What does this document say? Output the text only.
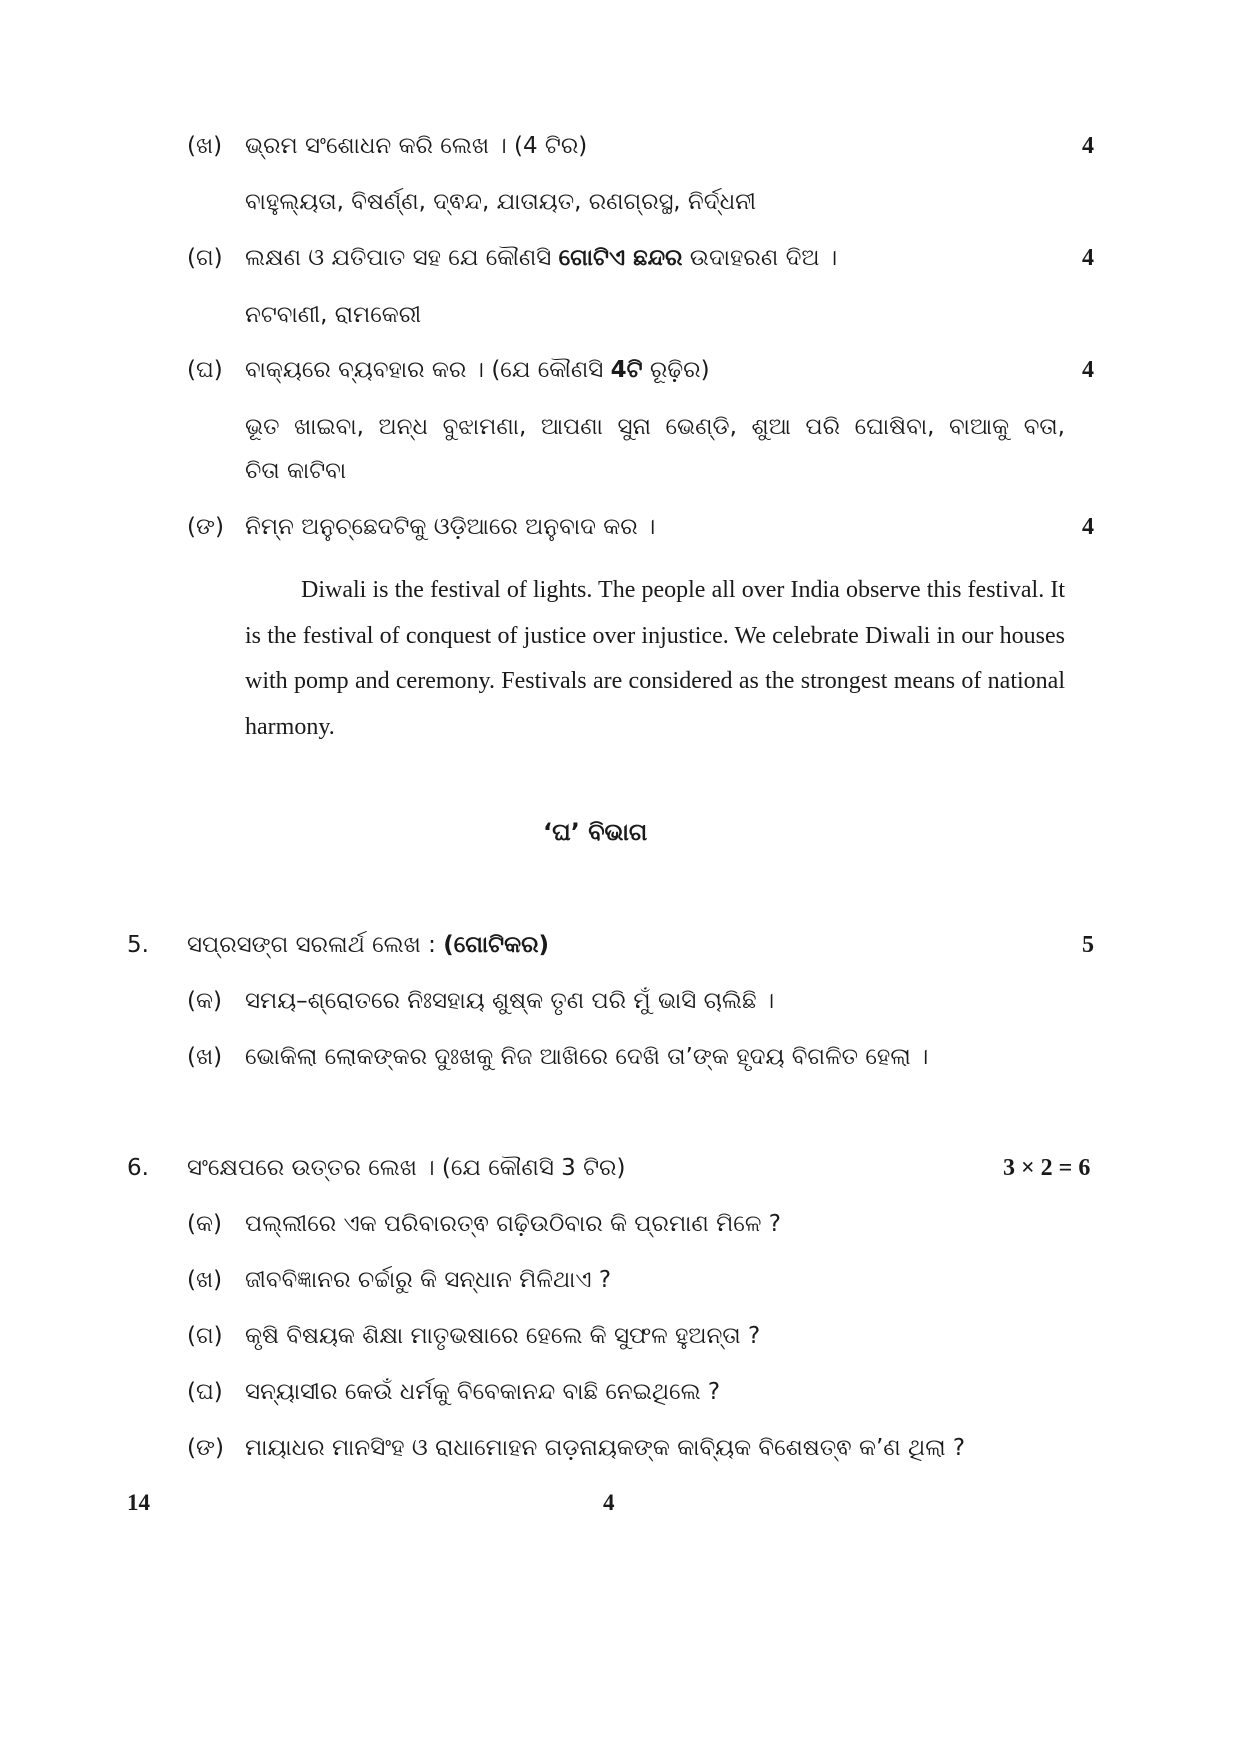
(ଖ) ଭ୍ରମ ସଂଶୋଧନ କରି ଲେଖ । (4 ଟିର)	4
ବାହୁଲ୍ୟତା, ବିଷର୍ଣ୍ଣ, ଦ୍ଵନ୍ଦ, ଯାତାୟତ, ରଣଗ୍ରସ୍ଥ, ନିର୍ଦ୍ଧନୀ
(ଗ) ଲକ୍ଷଣ ଓ ଯତିପାତ ସହ ଯେ କୌଣସି ଗୋଟିଏ ଛନ୍ଦର ଉଦାହରଣ ଦିଅ ।	4
ନଟବାଣୀ, ରାମକେରୀ
(ଘ) ବାକ୍ୟରେ ବ୍ୟବହାର କର । (ଯେ କୌଣସି 4ଟି ରୂଢ଼ିର)	4
ଭୂତ ଖାଇବା, ଅନ୍ଧ ବୁଝାମଣା, ଆପଣା ସୁନା ଭେଣ୍ଡି, ଶୁଆ ପରି ଘୋଷିବା, ବାଆକୁ ବତା,
ଚିତା କାଟିବା
(ଙ) ନିମ୍ନ ଅନୁଚ୍ଛେଦଟିକୁ ଓଡ଼ିଆରେ ଅନୁବାଦ କର ।	4
Diwali is the festival of lights. The people all over India observe this festival. It is the festival of conquest of justice over injustice. We celebrate Diwali in our houses with pomp and ceremony. Festivals are considered as the strongest means of national harmony.
‘ଘ’ ବିଭାଗ
5. ସପ୍ରସଙ୍ଗ ସରଳାର୍ଥ ଲେଖ : (ଗୋଟିକର)	5
(କ) ସମୟ–ଶ୍ରୋତରେ ନିଃସହାୟ ଶୁଷ୍କ ତୃଣ ପରି ମୁଁ ଭାସି ଚାଲିଛି ।
(ଖ) ଭୋକିଲା ଲୋକଙ୍କର ଦୁଃଖକୁ ନିଜ ଆଖିରେ ଦେଖି ତା’ଙ୍କ ହୃଦୟ ବିଗଳିତ ହେଲା ।
6. ସଂକ୍ଷେପରେ ଉତ୍ତର ଲେଖ । (ଯେ କୌଣସି 3 ଟିର)	3 × 2 = 6
(କ) ପଲ୍ଲୀରେ ଏକ ପରିବାରତ୍ଵ ଗଢ଼ିଉଠିବାର କି ପ୍ରମାଣ ମିଳେ ?
(ଖ) ଜୀବବିଜ୍ଞାନର ଚର୍ଚ୍ଚାରୁ କି ସନ୍ଧାନ ମିଳିଥାଏ ?
(ଗ) କୃଷି ବିଷୟକ ଶିକ୍ଷା ମାତୃଭଷାରେ ହେଲେ କି ସୁଫଳ ହୁଅନ୍ତା ?
(ଘ) ସନ୍ୟାସୀର କେଉଁ ଧର୍ମକୁ ବିବେକାନନ୍ଦ ବାଛି ନେଇଥିଲେ ?
(ଙ) ମାୟାଧର ମାନସିଂହ ଓ ରାଧାମୋହନ ଗଡ଼ନାୟକଙ୍କ କାବ୍ୟିକ ବିଶେଷତ୍ଵ କ’ଣ ଥିଲା ?
14	4
